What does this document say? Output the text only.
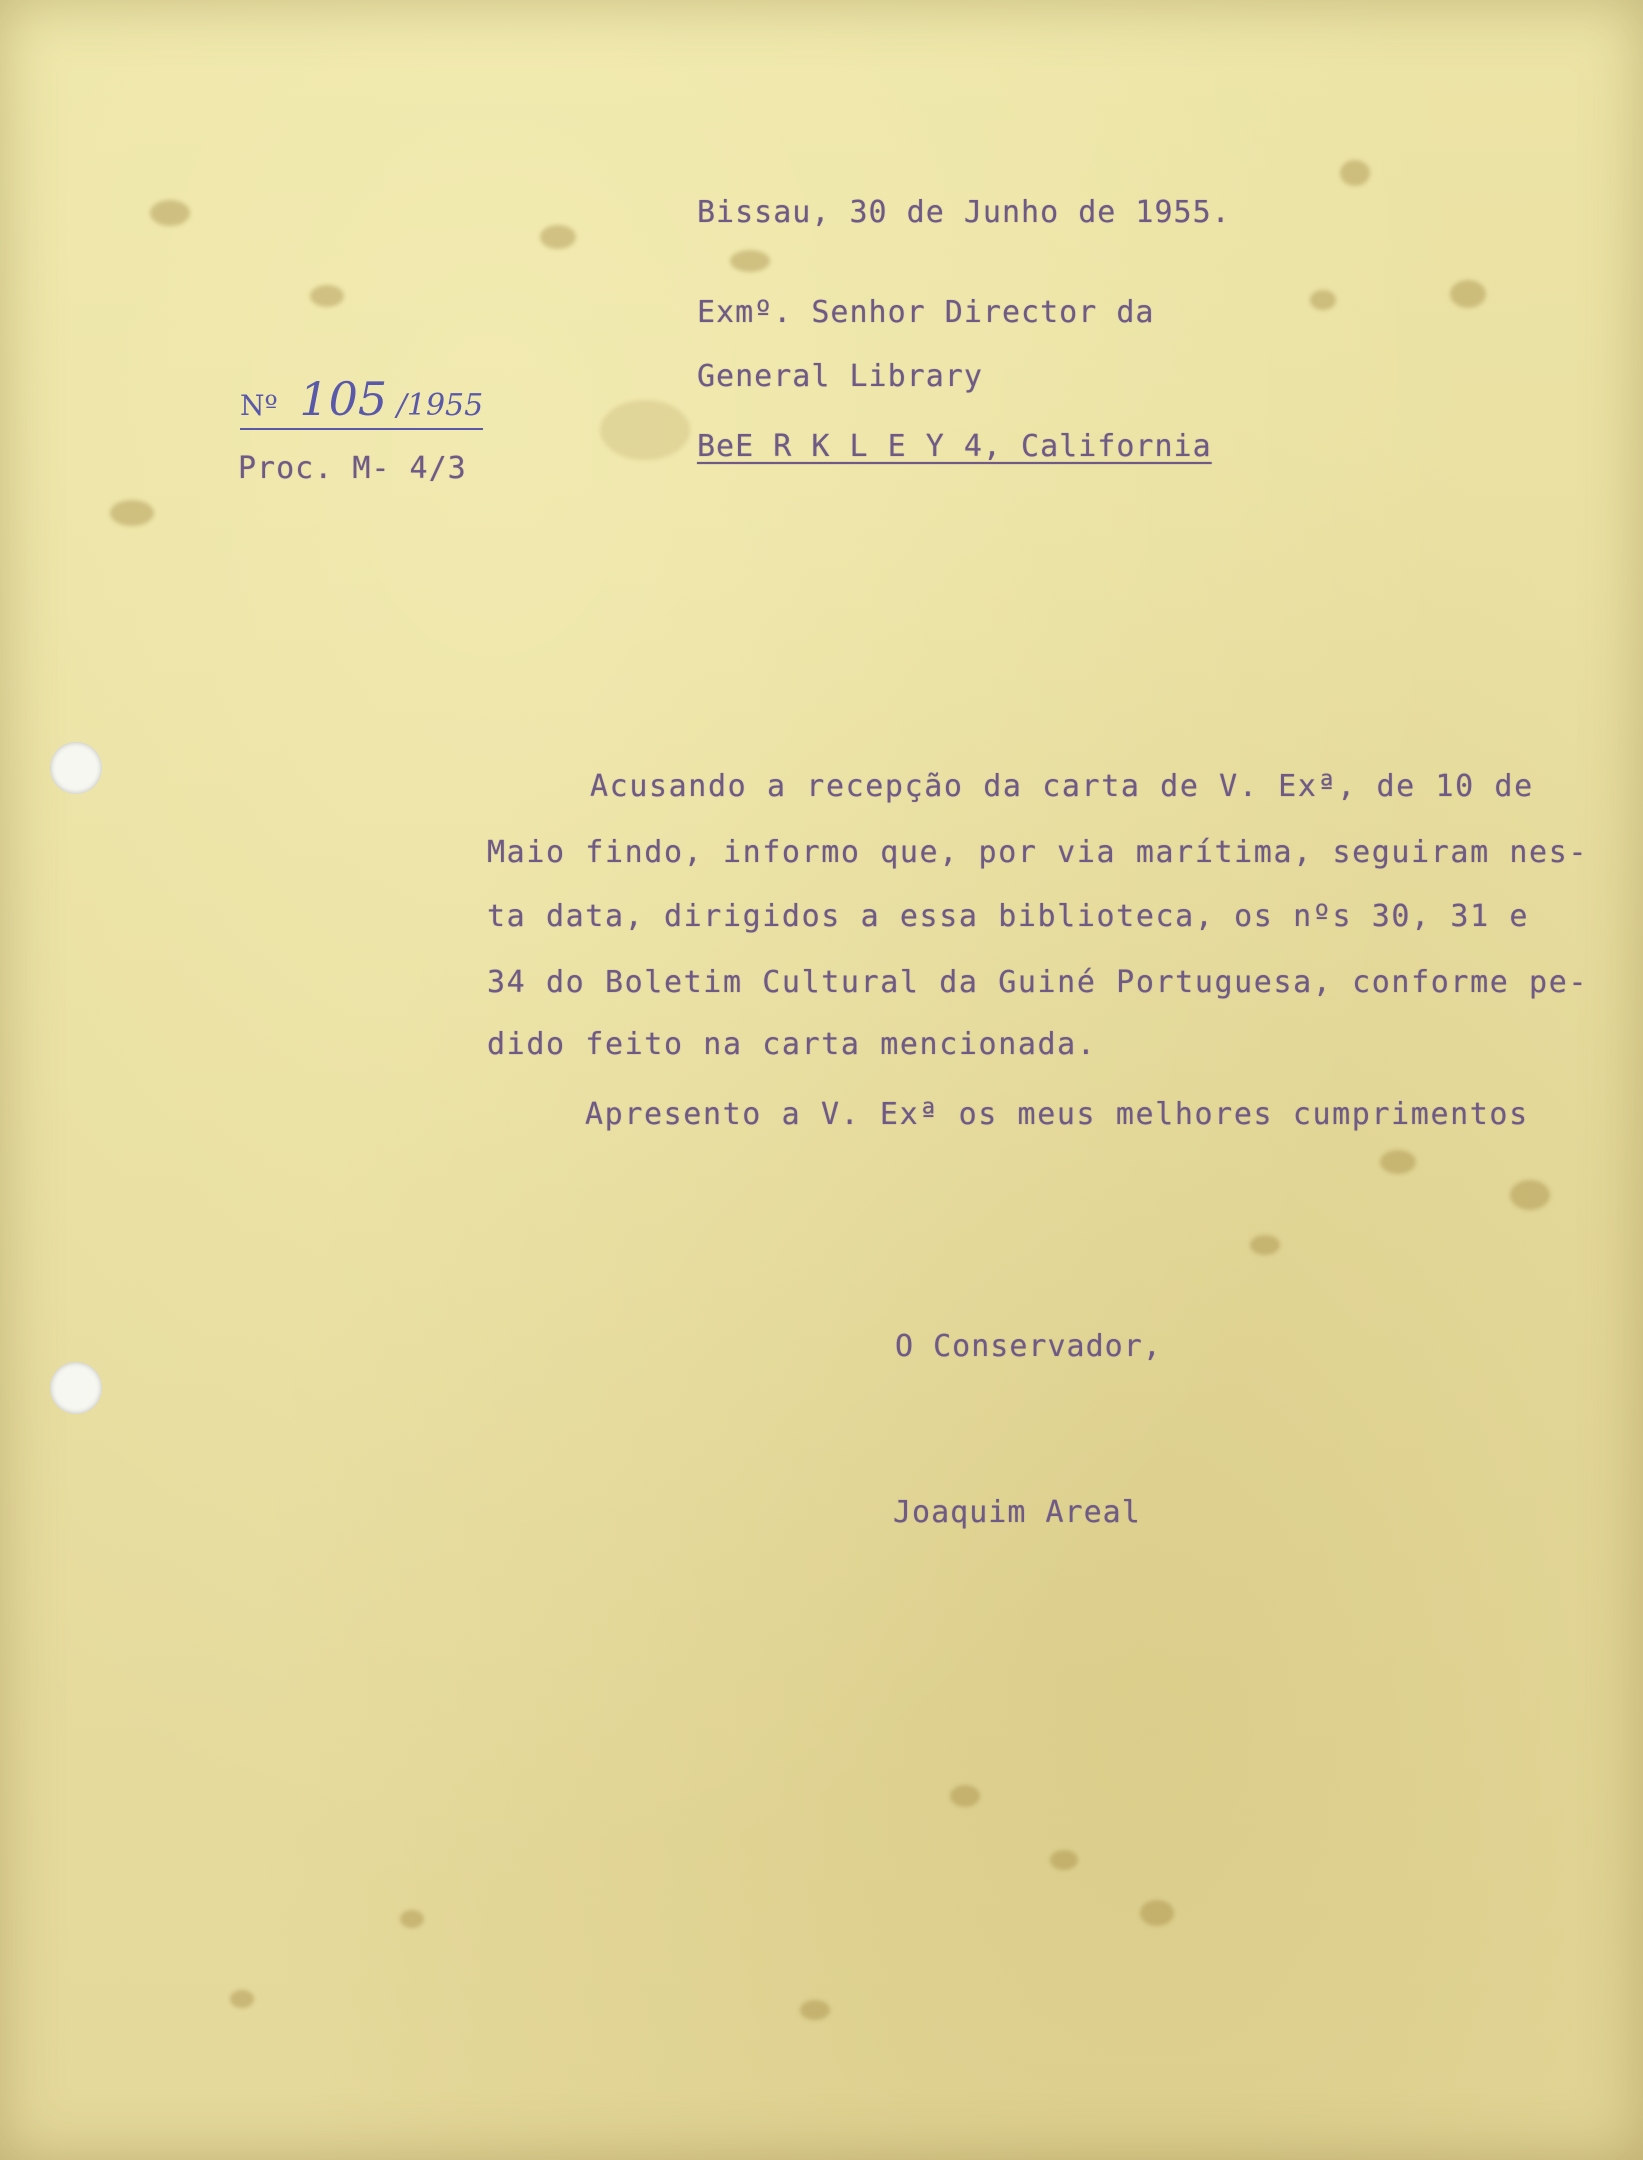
Bissau, 30 de Junho de 1955.

Exmº. Senhor Director da

General Library

BeE R K L E Y 4, California

Nº 105 /1955

Proc. M- 4/3

Acusando a recepção da carta de V. Exª, de 10 de

Maio findo, informo que, por via marítima, seguiram nes-

ta data, dirigidos a essa biblioteca, os nºs 30, 31 e

34 do Boletim Cultural da Guiné Portuguesa, conforme pe-

dido feito na carta mencionada.

Apresento a V. Exª os meus melhores cumprimentos

O Conservador,

Joaquim Areal
